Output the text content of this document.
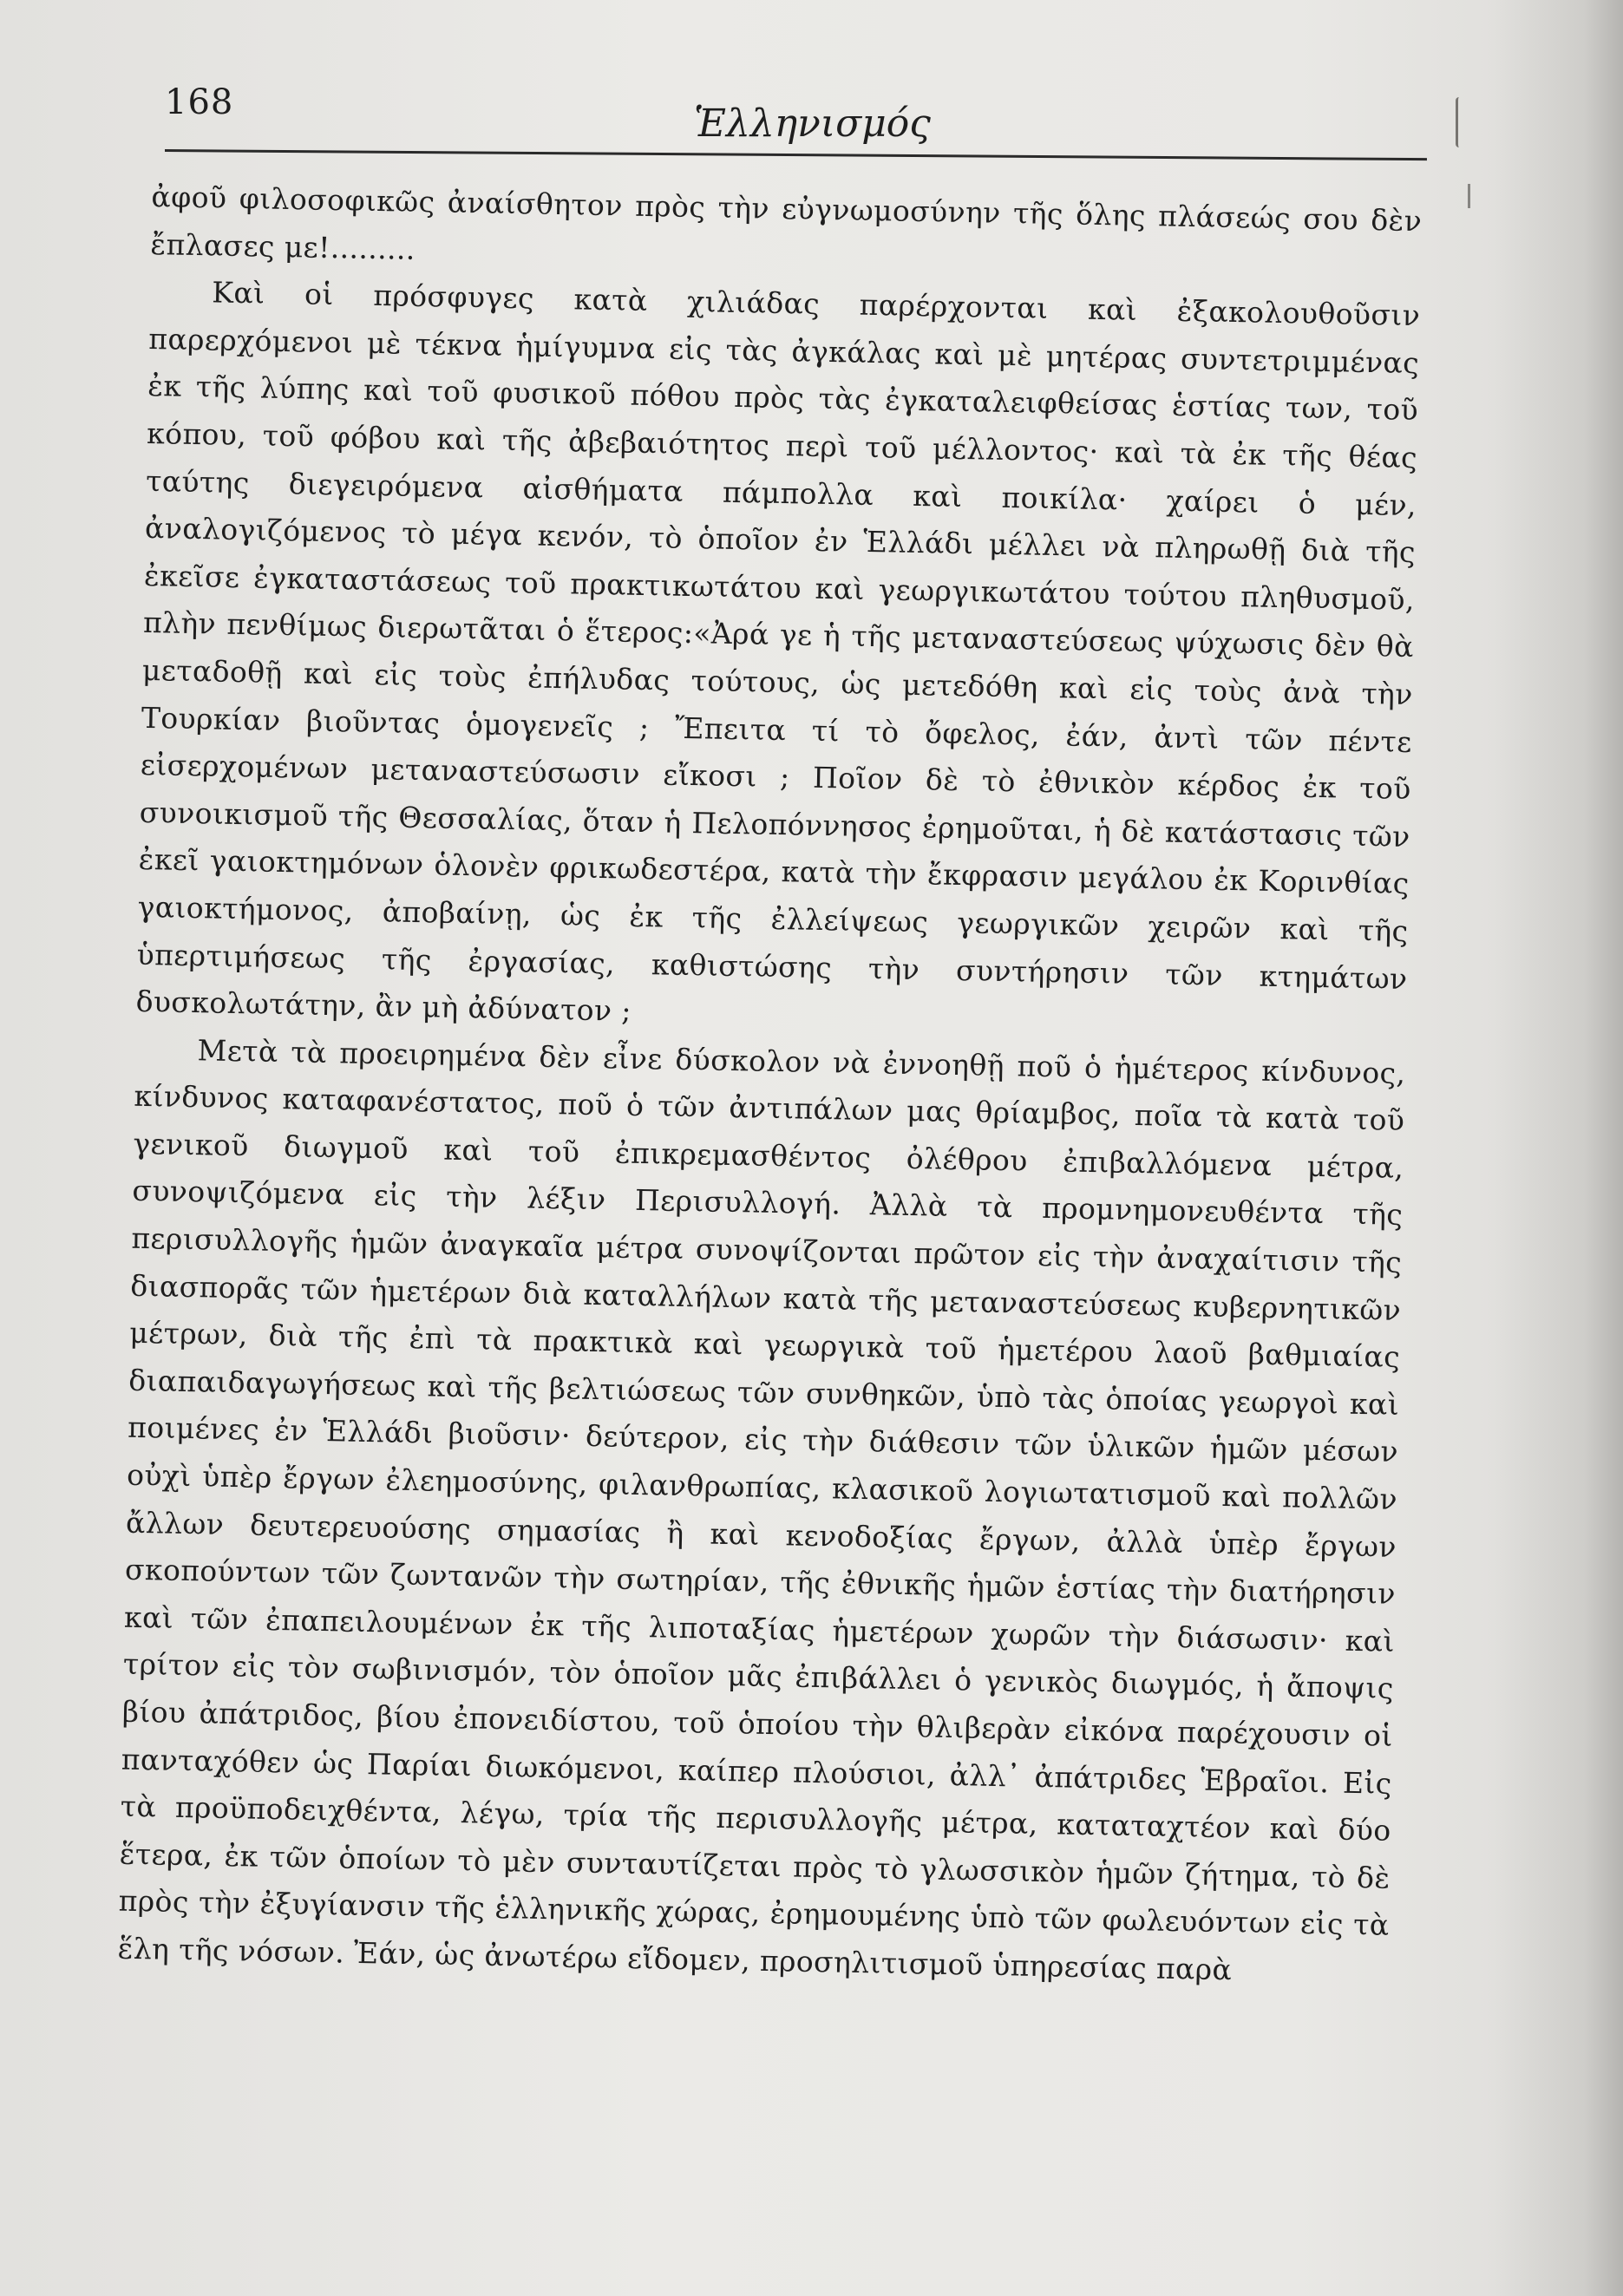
168	Ἑλληνισμός

ἀφοῦ φιλοσοφικῶς ἀναίσθητον πρὸς τὴν εὐγνωμοσύνην τῆς ὅλης πλάσεώς σου δὲν ἔπλασες με!.........

Καὶ οἱ πρόσφυγες κατὰ χιλιάδας παρέρχονται καὶ ἐξακολουθοῦσιν παρερχόμενοι μὲ τέκνα ἡμίγυμνα εἰς τὰς ἀγκάλας καὶ μὲ μητέρας συντετριμμένας ἐκ τῆς λύπης καὶ τοῦ φυσικοῦ πόθου πρὸς τὰς ἐγκαταλειφθείσας ἑστίας των, τοῦ κόπου, τοῦ φόβου καὶ τῆς ἀβεβαιότητος περὶ τοῦ μέλλοντος· καὶ τὰ ἐκ τῆς θέας ταύτης διεγειρόμενα αἰσθήματα πάμπολλα καὶ ποικίλα· χαίρει ὁ μέν, ἀναλογιζόμενος τὸ μέγα κενόν, τὸ ὁποῖον ἐν Ἑλλάδι μέλλει νὰ πληρωθῇ διὰ τῆς ἐκεῖσε ἐγκαταστάσεως τοῦ πρακτικωτάτου καὶ γεωργικωτάτου τούτου πληθυσμοῦ, πλὴν πενθίμως διερωτᾶται ὁ ἕτερος:«Ἀρά γε ἡ τῆς μεταναστεύσεως ψύχωσις δὲν θὰ μεταδοθῇ καὶ εἰς τοὺς ἐπήλυδας τούτους, ὡς μετεδόθη καὶ εἰς τοὺς ἀνὰ τὴν Τουρκίαν βιοῦντας ὁμογενεῖς ; Ἔπειτα τί τὸ ὄφελος, ἐάν, ἀντὶ τῶν πέντε εἰσερχομένων μεταναστεύσωσιν εἴκοσι ; Ποῖον δὲ τὸ ἐθνικὸν κέρδος ἐκ τοῦ συνοικισμοῦ τῆς Θεσσαλίας, ὅταν ἡ Πελοπόννησος ἐρημοῦται, ἡ δὲ κατάστασις τῶν ἐκεῖ γαιοκτημόνων ὁλονὲν φρικωδεστέρα, κατὰ τὴν ἔκφρασιν μεγάλου ἐκ Κορινθίας γαιοκτήμονος, ἀποβαίνῃ, ὡς ἐκ τῆς ἐλλείψεως γεωργικῶν χειρῶν καὶ τῆς ὑπερτιμήσεως τῆς ἐργασίας, καθιστώσης τὴν συντήρησιν τῶν κτημάτων δυσκολωτάτην, ἂν μὴ ἀδύνατον ;

Μετὰ τὰ προειρημένα δὲν εἶνε δύσκολον νὰ ἐννοηθῇ ποῦ ὁ ἡμέτερος κίνδυνος, κίνδυνος καταφανέστατος, ποῦ ὁ τῶν ἀντιπάλων μας θρίαμβος, ποῖα τὰ κατὰ τοῦ γενικοῦ διωγμοῦ καὶ τοῦ ἐπικρεμασθέντος ὀλέθρου ἐπιβαλλόμενα μέτρα, συνοψιζόμενα εἰς τὴν λέξιν Περισυλλογή. Ἀλλὰ τὰ προμνημονευθέντα τῆς περισυλλογῆς ἡμῶν ἀναγκαῖα μέτρα συνοψίζονται πρῶτον εἰς τὴν ἀναχαίτισιν τῆς διασπορᾶς τῶν ἡμετέρων διὰ καταλλήλων κατὰ τῆς μεταναστεύσεως κυβερνητικῶν μέτρων, διὰ τῆς ἐπὶ τὰ πρακτικὰ καὶ γεωργικὰ τοῦ ἡμετέρου λαοῦ βαθμιαίας διαπαιδαγωγήσεως καὶ τῆς βελτιώσεως τῶν συνθηκῶν, ὑπὸ τὰς ὁποίας γεωργοὶ καὶ ποιμένες ἐν Ἑλλάδι βιοῦσιν· δεύτερον, εἰς τὴν διάθεσιν τῶν ὑλικῶν ἡμῶν μέσων οὐχὶ ὑπὲρ ἔργων ἐλεημοσύνης, φιλανθρωπίας, κλασικοῦ λογιωτατισμοῦ καὶ πολλῶν ἄλλων δευτερευούσης σημασίας ἢ καὶ κενοδοξίας ἔργων, ἀλλὰ ὑπὲρ ἔργων σκοπούντων τῶν ζωντανῶν τὴν σωτηρίαν, τῆς ἐθνικῆς ἡμῶν ἑστίας τὴν διατήρησιν καὶ τῶν ἐπαπειλουμένων ἐκ τῆς λιποταξίας ἡμετέρων χωρῶν τὴν διάσωσιν· καὶ τρίτον εἰς τὸν σωβινισμόν, τὸν ὁποῖον μᾶς ἐπιβάλλει ὁ γενικὸς διωγμός, ἡ ἄποψις βίου ἀπάτριδος, βίου ἐπονειδίστου, τοῦ ὁποίου τὴν θλιβερὰν εἰκόνα παρέχουσιν οἱ πανταχόθεν ὡς Παρίαι διωκόμενοι, καίπερ πλούσιοι, ἀλλ᾽ ἀπάτριδες Ἑβραῖοι. Εἰς τὰ προϋποδειχθέντα, λέγω, τρία τῆς περισυλλογῆς μέτρα, καταταχτέον καὶ δύο ἕτερα, ἐκ τῶν ὁποίων τὸ μὲν συνταυτίζεται πρὸς τὸ γλωσσικὸν ἡμῶν ζήτημα, τὸ δὲ πρὸς τὴν ἐξυγίανσιν τῆς ἑλληνικῆς χώρας, ἐρημουμένης ὑπὸ τῶν φωλευόντων εἰς τὰ ἕλη τῆς νόσων. Ἐάν, ὡς ἀνωτέρω εἴδομεν, προσηλιτισμοῦ ὑπηρεσίας παρὰ
